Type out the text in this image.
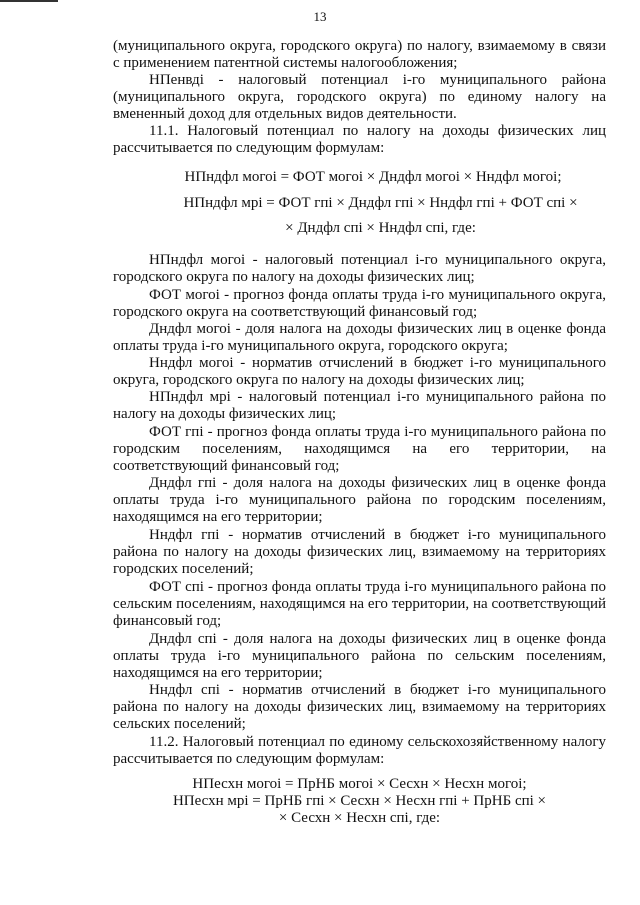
13

(муниципального округа, городского округа) по налогу, взимаемому в связи с применением патентной системы налогообложения;

НПенвдi - налоговый потенциал i-го муниципального района (муниципального округа, городского округа) по единому налогу на вмененный доход для отдельных видов деятельности.

11.1. Налоговый потенциал по налогу на доходы физических лиц рассчитывается по следующим формулам:

НПндфл могоi = ФОТ могоi × Дндфл могоi × Нндфл могоi;

НПндфл мрi = ФОТ гпi × Дндфл гпi × Нндфл гпi + ФОТ спi ×

× Дндфл спi × Нндфл спi, где:

НПндфл могоi - налоговый потенциал i-го муниципального округа, городского округа по налогу на доходы физических лиц;

ФОТ могоi - прогноз фонда оплаты труда i-го муниципального округа, городского округа на соответствующий финансовый год;

Дндфл могоi - доля налога на доходы физических лиц в оценке фонда оплаты труда i-го муниципального округа, городского округа;

Нндфл могоi - норматив отчислений в бюджет i-го муниципального округа, городского округа по налогу на доходы физических лиц;

НПндфл мрi - налоговый потенциал i-го муниципального района по налогу на доходы физических лиц;

ФОТ гпi - прогноз фонда оплаты труда i-го муниципального района по городским поселениям, находящимся на его территории, на соответствующий финансовый год;

Дндфл гпi - доля налога на доходы физических лиц в оценке фонда оплаты труда i-го муниципального района по городским поселениям, находящимся на его территории;

Нндфл гпi - норматив отчислений в бюджет i-го муниципального района по налогу на доходы физических лиц, взимаемому на территориях городских поселений;

ФОТ спi - прогноз фонда оплаты труда i-го муниципального района по сельским поселениям, находящимся на его территории, на соответствующий финансовый год;

Дндфл спi - доля налога на доходы физических лиц в оценке фонда оплаты труда i-го муниципального района по сельским поселениям, находящимся на его территории;

Нндфл спi - норматив отчислений в бюджет i-го муниципального района по налогу на доходы физических лиц, взимаемому на территориях сельских поселений;

11.2. Налоговый потенциал по единому сельскохозяйственному налогу рассчитывается по следующим формулам:

НПесхн могоi = ПрНБ могоi × Сесхн × Несхн могоi;

НПесхн мрi = ПрНБ гпi × Сесхн × Несхн гпi + ПрНБ спi ×

× Сесхн × Несхн спi, где:
